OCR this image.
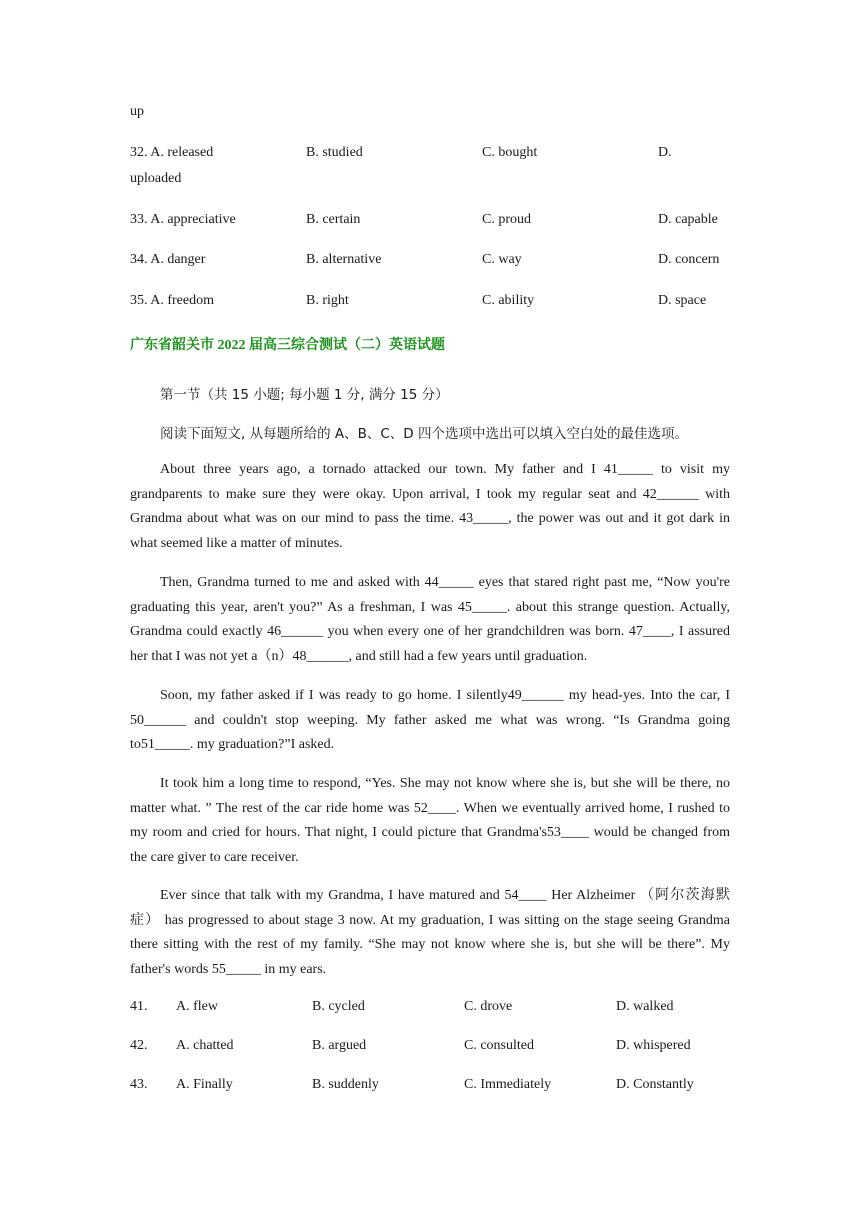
up
32. A. released	B. studied	C. bought	D.
uploaded
33. A. appreciative	B. certain	C. proud	D. capable
34. A. danger	B. alternative	C. way	D. concern
35. A. freedom	B. right	C. ability	D. space
广东省韶关市 2022 届高三综合测试（二）英语试题
第一节（共 15 小题; 每小题 1 分, 满分 15 分）
阅读下面短文, 从每题所给的 A、B、C、D 四个选项中选出可以填入空白处的最佳选项。

About three years ago, a tornado attacked our town. My father and I 41_____ to visit my grandparents to make sure they were okay. Upon arrival, I took my regular seat and 42______ with Grandma about what was on our mind to pass the time. 43_____, the power was out and it got dark in what seemed like a matter of minutes.

Then, Grandma turned to me and asked with 44_____ eyes that stared right past me, “Now you're graduating this year, aren't you?” As a freshman, I was 45_____. about this strange question. Actually, Grandma could exactly 46______ you when every one of her grandchildren was born. 47____, I assured her that I was not yet a（n）48______, and still had a few years until graduation.

Soon, my father asked if I was ready to go home. I silently49______ my head-yes. Into the car, I 50______ and couldn't stop weeping. My father asked me what was wrong. “Is Grandma going to51_____. my graduation?”I asked.

It took him a long time to respond, “Yes. She may not know where she is, but she will be there, no matter what. ” The rest of the car ride home was 52____. When we eventually arrived home, I rushed to my room and cried for hours. That night, I could picture that Grandma's53____ would be changed from the care giver to care receiver.

Ever since that talk with my Grandma, I have matured and 54____ Her Alzheimer （阿尔茨海默症） has progressed to about stage 3 now. At my graduation, I was sitting on the stage seeing Grandma there sitting with the rest of my family. “She may not know where she is, but she will be there”. My father's words 55_____ in my ears.

41. A. flew	B. cycled	C. drove	D. walked
42. A. chatted	B. argued	C. consulted	D. whispered
43. A. Finally	B. suddenly	C. Immediately	D. Constantly
